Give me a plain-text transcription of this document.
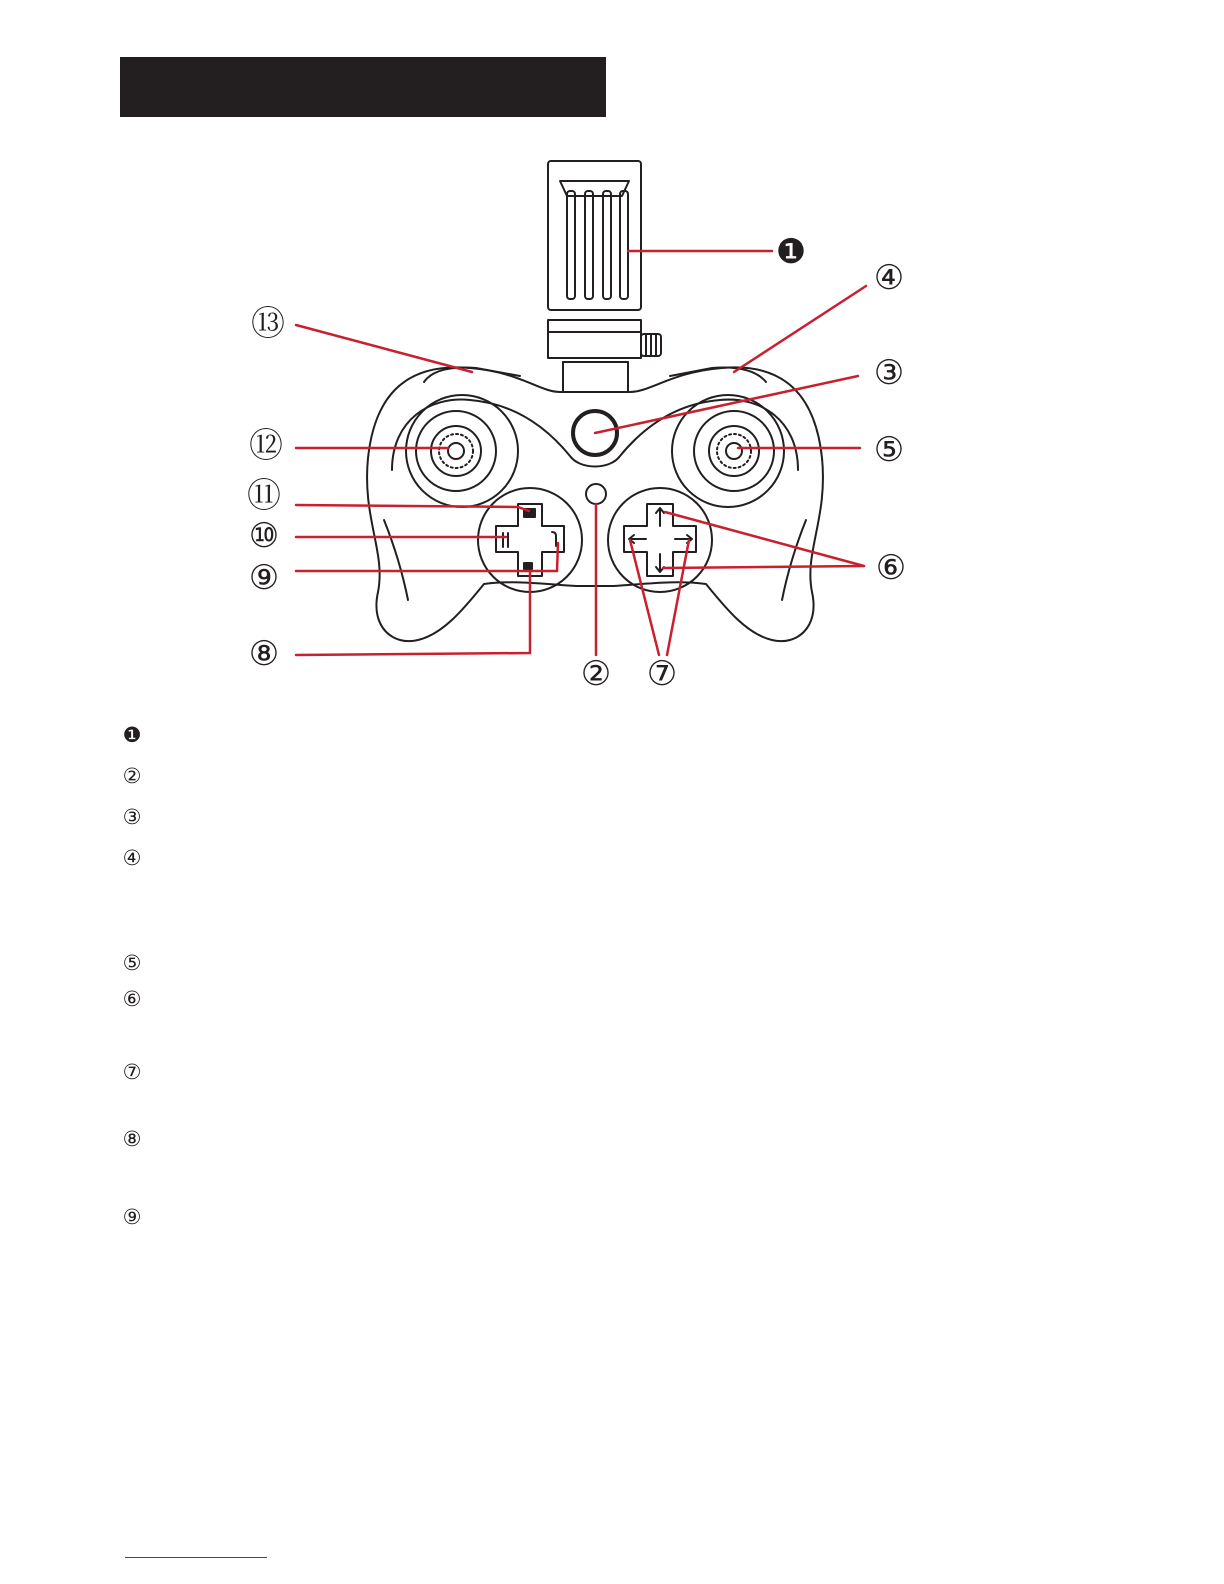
❶
④
⑬
③
⑫	⑤
⑪
⑩
⑨	⑥
⑧	② ⑦
❶
②
③
④
⑤
⑥
⑦
⑧
⑨
